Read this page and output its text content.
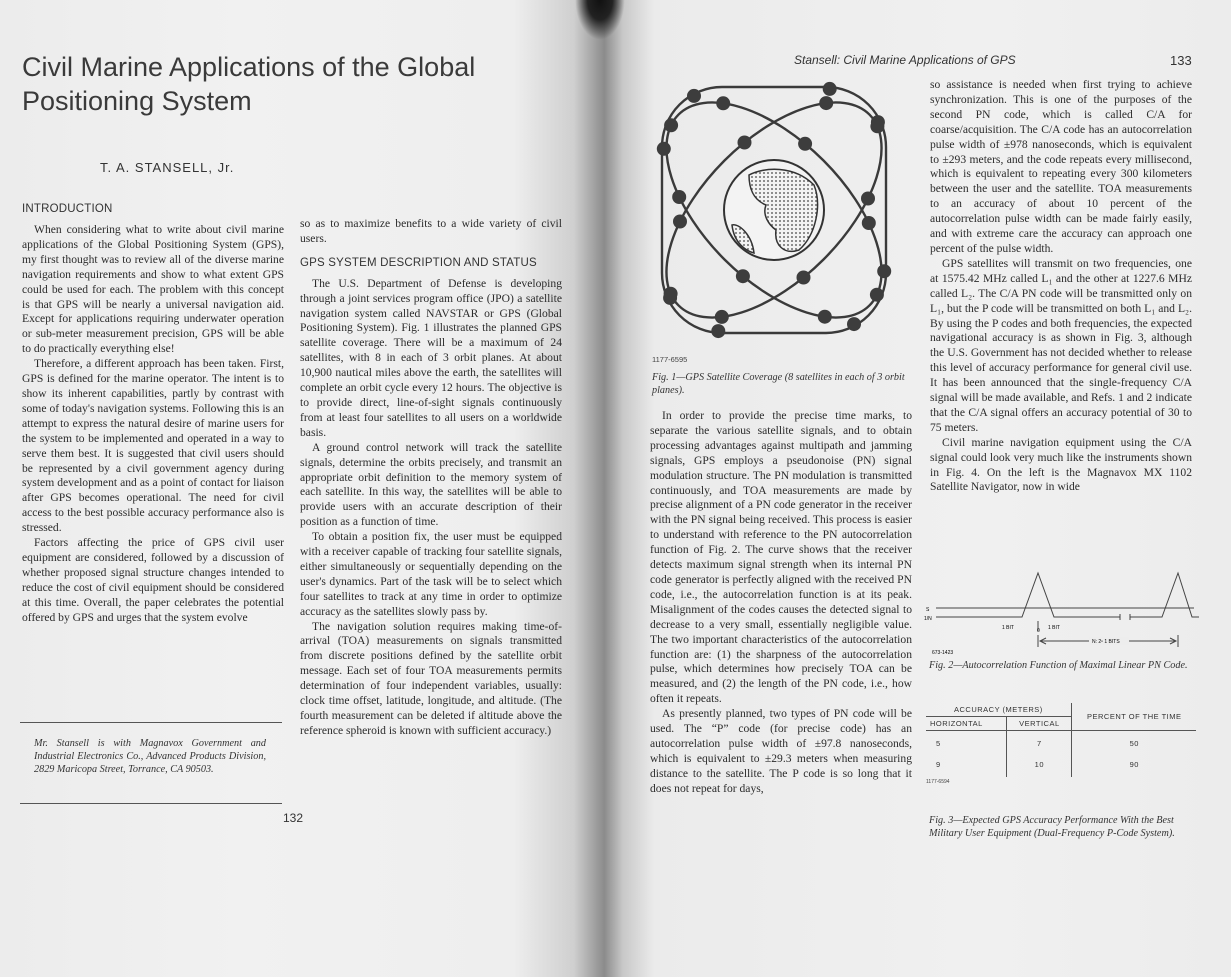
Civil Marine Applications of the Global
Positioning System
T. A. STANSELL, Jr.
INTRODUCTION

When considering what to write about civil marine applications of the Global Positioning System (GPS), my first thought was to review all of the diverse marine navigation requirements and show to what extent GPS could be used for each. The problem with this concept is that GPS will be nearly a universal navigation aid. Except for applications requiring underwater operation or sub-meter measurement precision, GPS will be able to do practically everything else!

Therefore, a different approach has been taken. First, GPS is defined for the marine operator. The intent is to show its inherent capabilities, partly by contrast with some of today's navigation systems. Following this is an attempt to express the natural desire of marine users for the system to be implemented and operated in a way to serve them best. It is suggested that civil users should be represented by a civil government agency during system development and as a point of contact for liaison after GPS becomes operational. The need for civil access to the best possible accuracy performance also is stressed.

Factors affecting the price of GPS civil user equipment are considered, followed by a discussion of whether proposed signal structure changes intended to reduce the cost of civil equipment should be considered at this time. Overall, the paper celebrates the potential offered by GPS and urges that the system evolve

Mr. Stansell is with Magnavox Government and Industrial Electronics Co., Advanced Products Division, 2829 Maricopa Street, Torrance, CA 90503.

so as to maximize benefits to a wide variety of civil users.

GPS SYSTEM DESCRIPTION AND STATUS

The U.S. Department of Defense is developing through a joint services program office (JPO) a satellite navigation system called NAVSTAR or GPS (Global Positioning System). Fig. 1 illustrates the planned GPS satellite coverage. There will be a maximum of 24 satellites, with 8 in each of 3 orbit planes. At about 10,900 nautical miles above the earth, the satellites will complete an orbit cycle every 12 hours. The objective is to provide direct, line-of-sight signals continuously from at least four satellites to all users on a worldwide basis.

A ground control network will track the satellite signals, determine the orbits precisely, and transmit an appropriate orbit definition to the memory system of each satellite. In this way, the satellites will be able to provide users with an accurate description of their position as a function of time.

To obtain a position fix, the user must be equipped with a receiver capable of tracking four satellite signals, either simultaneously or sequentially depending on the user's dynamics. Part of the task will be to select which four satellites to track at any time in order to optimize accuracy as the satellites slowly pass by.

The navigation solution requires making time-of-arrival (TOA) measurements on signals transmitted from discrete positions defined by the satellite orbit message. Each set of four TOA measurements permits determination of four independent variables, usually: clock time offset, latitude, longitude, and altitude. (The fourth measurement can be deleted if altitude above the reference spheroid is known with sufficient accuracy.)

132
Stansell: Civil Marine Applications of GPS	133
1177-6595
Fig. 1—GPS Satellite Coverage (8 satellites in each of 3 orbit planes).

In order to provide the precise time marks, to separate the various satellite signals, and to obtain processing advantages against multipath and jamming signals, GPS employs a pseudonoise (PN) signal modulation structure. The PN modulation is transmitted continuously, and TOA measurements are made by precise alignment of a PN code generator in the receiver with the PN signal being received. This process is easier to understand with reference to the PN autocorrelation function of Fig. 2. The curve shows that the receiver detects maximum signal strength when its internal PN code generator is perfectly aligned with the received PN code, i.e., the autocorrelation function is at its peak. Misalignment of the codes causes the detected signal to decrease to a very small, essentially negligible value. The two important characteristics of the autocorrelation function are: (1) the sharpness of the autocorrelation pulse, which determines how precisely TOA can be measured, and (2) the length of the PN code, i.e., how often it repeats.

As presently planned, two types of PN code will be used. The “P” code (for precise code) has an autocorrelation pulse width of ±97.8 nanoseconds, which is equivalent to ±29.3 meters when measuring distance to the satellite. The P code is so long that it does not repeat for days,

so assistance is needed when first trying to achieve synchronization. This is one of the purposes of the second PN code, which is called C/A for coarse/acquisition. The C/A code has an autocorrelation pulse width of ±978 nanoseconds, which is equivalent to ±293 meters, and the code repeats every millisecond, which is equivalent to repeating every 300 kilometers between the user and the satellite. TOA measurements to an accuracy of about 10 percent of the autocorrelation pulse width can be made fairly easily, and with extreme care the accuracy can approach one percent of the pulse width.

GPS satellites will transmit on two frequencies, one at 1575.42 MHz called L₁ and the other at 1227.6 MHz called L₂. The C/A PN code will be transmitted only on L₁, but the P code will be transmitted on both L₁ and L₂. By using the P codes and both frequencies, the expected navigational accuracy is as shown in Fig. 3, although the U.S. Government has not decided whether to release this level of accuracy performance for general civil use. It has been announced that the single-frequency C/A signal will be made available, and Refs. 1 and 2 indicate that the C/A signal offers an accuracy potential of 30 to 75 meters.

Civil marine navigation equipment using the C/A signal could look very much like the instruments shown in Fig. 4. On the left is the Magnavox MX 1102 Satellite Navigator, now in wide

S
1/N
1 BIT	0 1 BIT
N: 2ⁿ 1 BITS
673-1423
Fig. 2—Autocorrelation Function of Maximal Linear PN Code.
ACCURACY (METERS)		PERCENT OF THE TIME
HORIZONTAL	VERTICAL	
5	7	50
9	10	90
1177-6594
Fig. 3—Expected GPS Accuracy Performance With the Best Military User Equipment (Dual-Frequency P-Code System).
